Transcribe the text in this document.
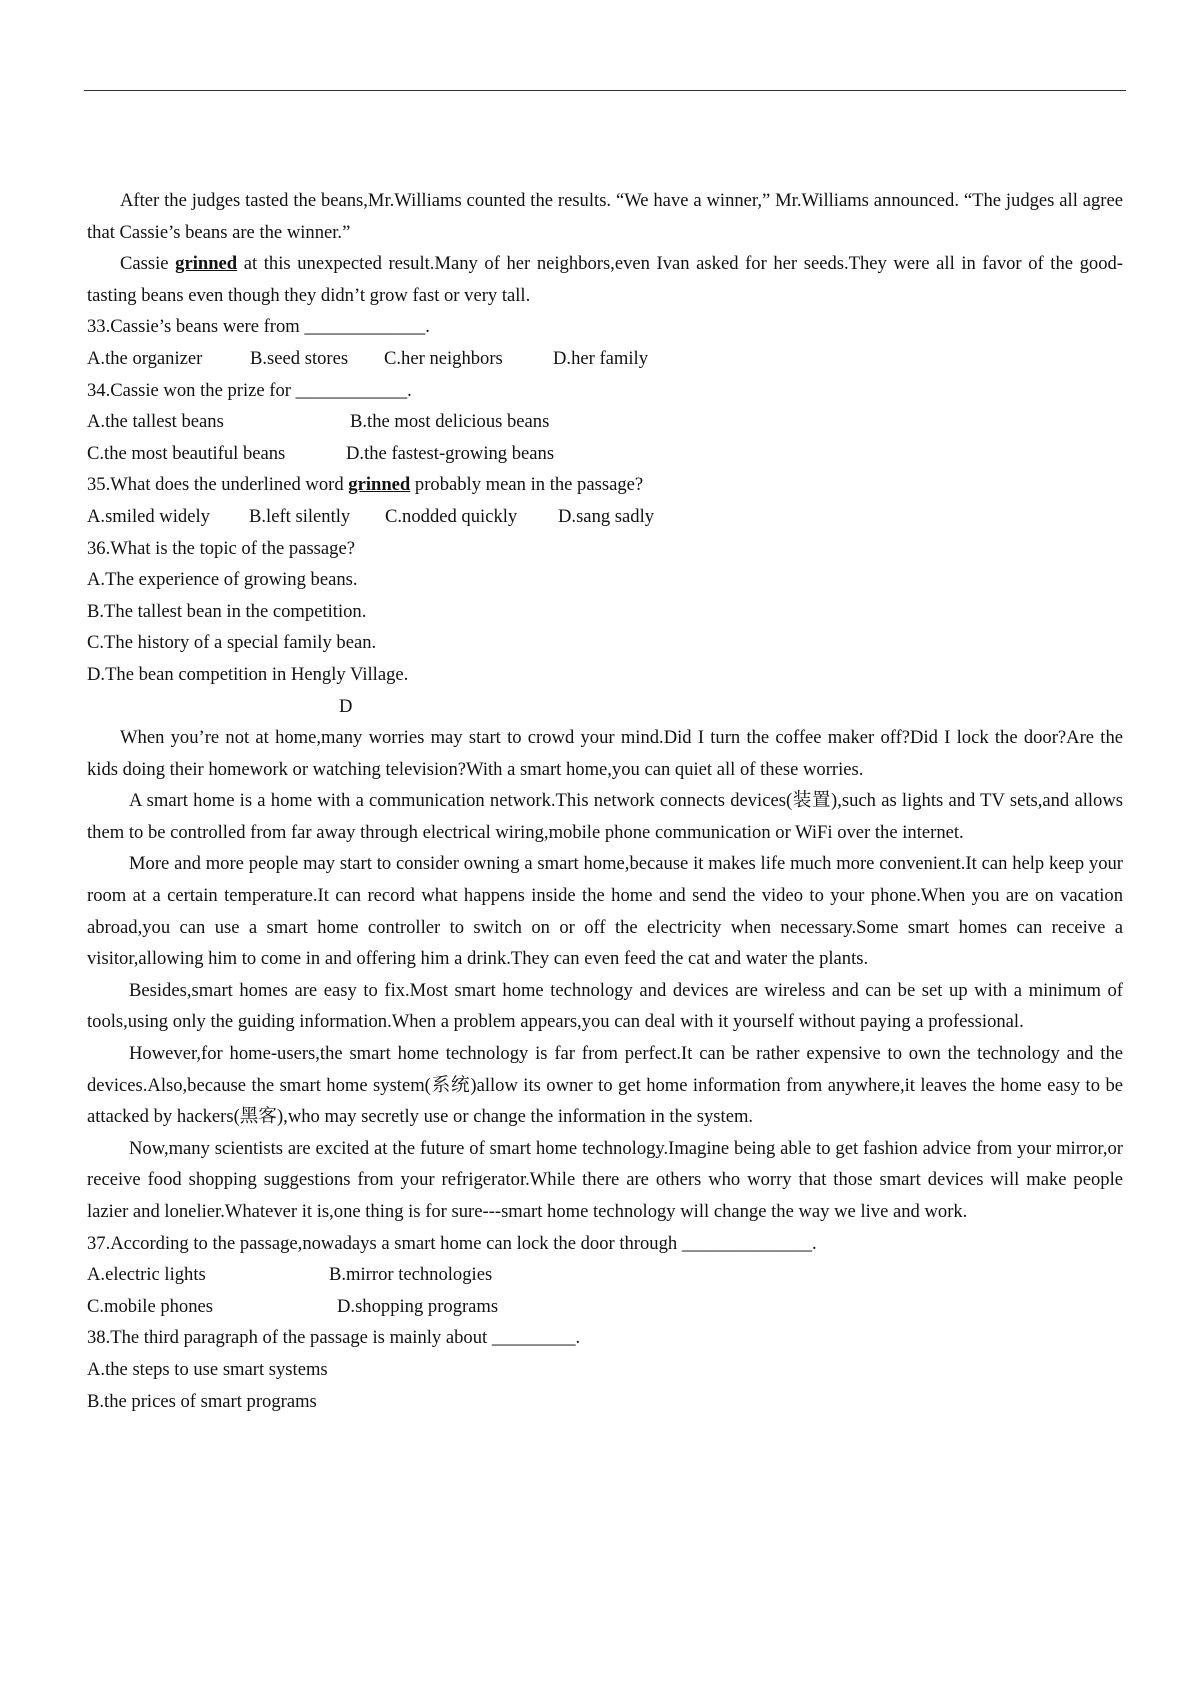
After the judges tasted the beans,Mr.Williams counted the results. “We have a winner,” Mr.Williams announced. “The judges all agree that Cassie’s beans are the winner.”

Cassie grinned at this unexpected result.Many of her neighbors,even Ivan asked for her seeds.They were all in favor of the good-tasting beans even though they didn’t grow fast or very tall.

33.Cassie’s beans were from _____________.

A.the organizer	B.seed stores C.her neighbors	D.her family

34.Cassie won the prize for ____________.

A.the tallest beans	B.the most delicious beans

C.the most beautiful beans	D.the fastest-growing beans

35.What does the underlined word grinned probably mean in the passage?

A.smiled widely B.left silently C.nodded quickly D.sang sadly

36.What is the topic of the passage?

A.The experience of growing beans.

B.The tallest bean in the competition.

C.The history of a special family bean.

D.The bean competition in Hengly Village.

D

When you’re not at home,many worries may start to crowd your mind.Did I turn the coffee maker off?Did I lock the door?Are the kids doing their homework or watching television?With a smart home,you can quiet all of these worries.

A smart home is a home with a communication network.This network connects devices(装置),such as lights and TV sets,and allows them to be controlled from far away through electrical wiring,mobile phone communication or WiFi over the internet.

More and more people may start to consider owning a smart home,because it makes life much more convenient.It can help keep your room at a certain temperature.It can record what happens inside the home and send the video to your phone.When you are on vacation abroad,you can use a smart home controller to switch on or off the electricity when necessary.Some smart homes can receive a visitor,allowing him to come in and offering him a drink.They can even feed the cat and water the plants.

Besides,smart homes are easy to fix.Most smart home technology and devices are wireless and can be set up with a minimum of tools,using only the guiding information.When a problem appears,you can deal with it yourself without paying a professional.

However,for home-users,the smart home technology is far from perfect.It can be rather expensive to own the technology and the devices.Also,because the smart home system(系统)allow its owner to get home information from anywhere,it leaves the home easy to be attacked by hackers(黑客),who may secretly use or change the information in the system.

Now,many scientists are excited at the future of smart home technology.Imagine being able to get fashion advice from your mirror,or receive food shopping suggestions from your refrigerator.While there are others who worry that those smart devices will make people lazier and lonelier.Whatever it is,one thing is for sure---smart home technology will change the way we live and work.

37.According to the passage,nowadays a smart home can lock the door through ______________.

A.electric lights	B.mirror technologies

C.mobile phones	D.shopping programs

38.The third paragraph of the passage is mainly about _________.

A.the steps to use smart systems

B.the prices of smart programs
